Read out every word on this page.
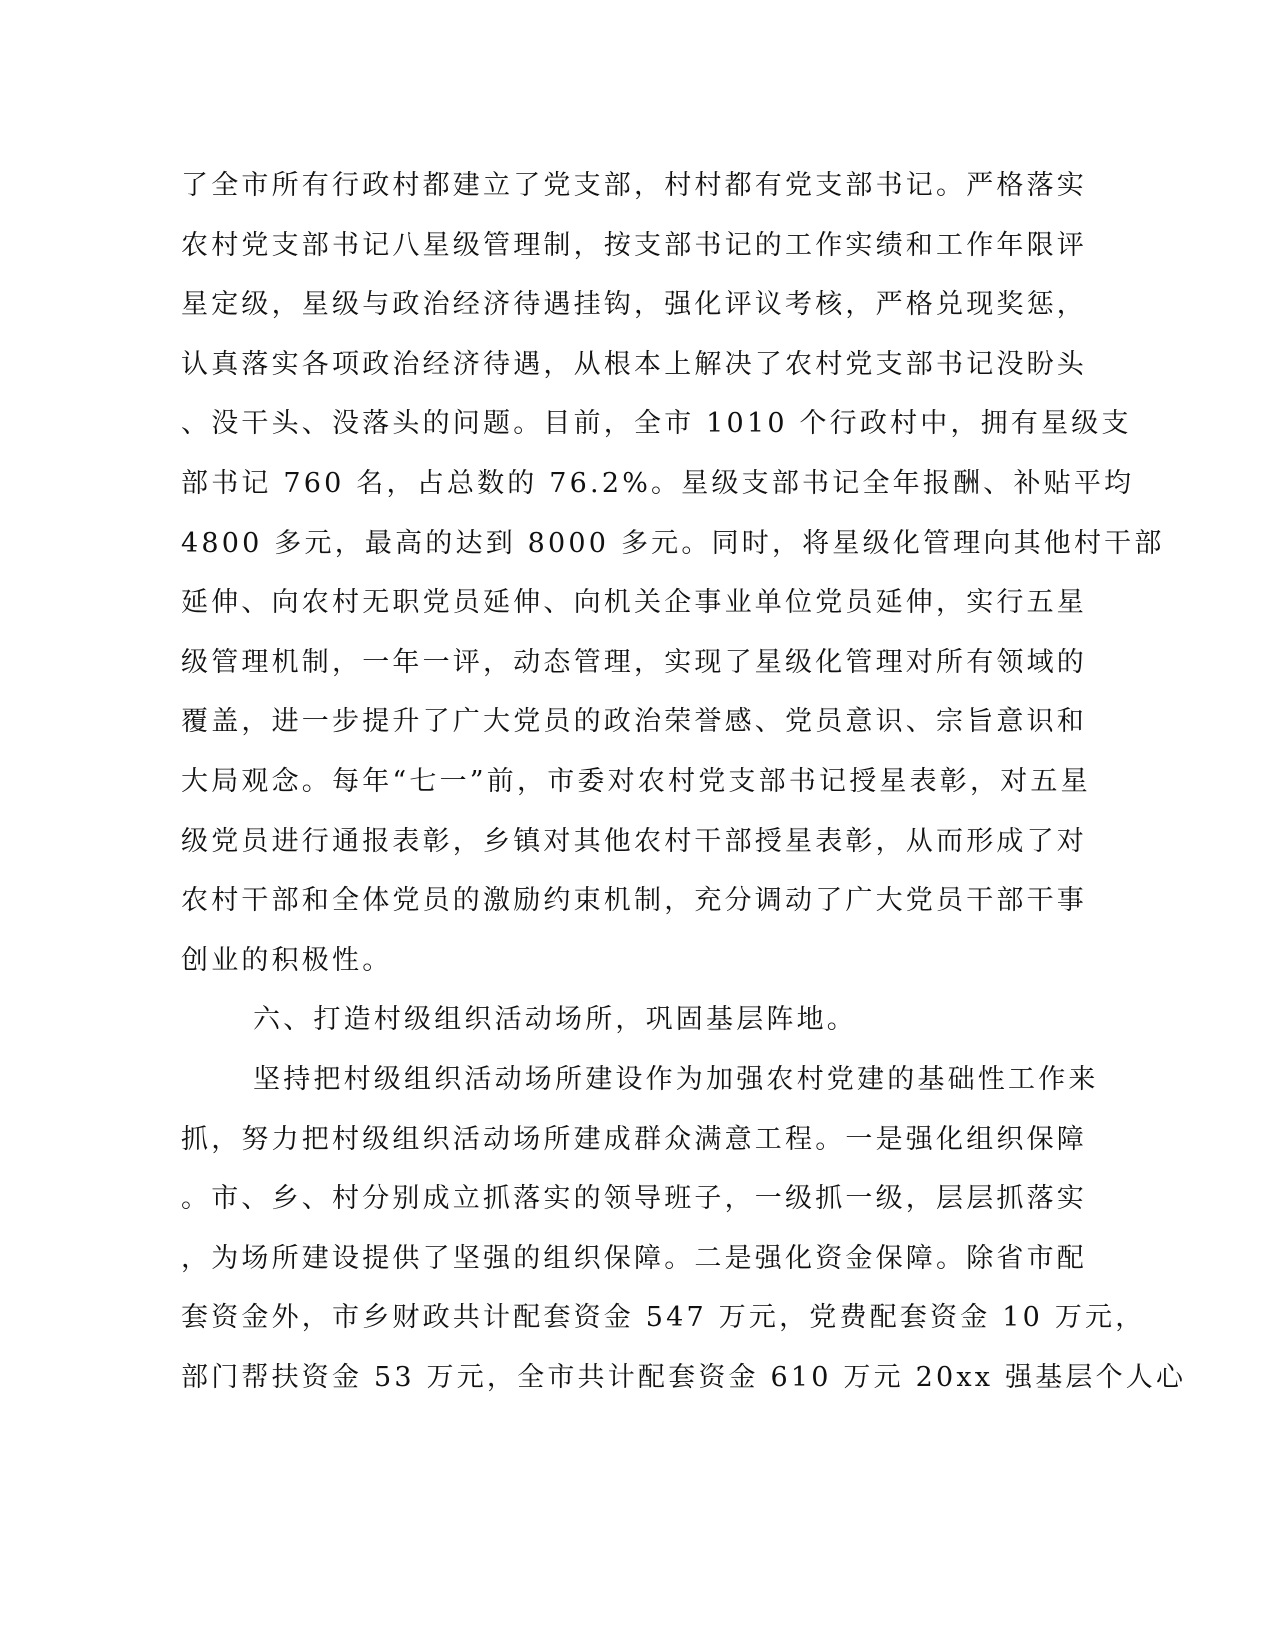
了全市所有行政村都建立了党支部，村村都有党支部书记。严格落实
农村党支部书记八星级管理制，按支部书记的工作实绩和工作年限评
星定级，星级与政治经济待遇挂钩，强化评议考核，严格兑现奖惩，
认真落实各项政治经济待遇，从根本上解决了农村党支部书记没盼头
、没干头、没落头的问题。目前，全市 1010 个行政村中，拥有星级支
部书记 760 名，占总数的 76.2%。星级支部书记全年报酬、补贴平均
4800 多元，最高的达到 8000 多元。同时，将星级化管理向其他村干部
延伸、向农村无职党员延伸、向机关企事业单位党员延伸，实行五星
级管理机制，一年一评，动态管理，实现了星级化管理对所有领域的
覆盖，进一步提升了广大党员的政治荣誉感、党员意识、宗旨意识和
大局观念。每年“七一”前，市委对农村党支部书记授星表彰，对五星
级党员进行通报表彰，乡镇对其他农村干部授星表彰，从而形成了对
农村干部和全体党员的激励约束机制，充分调动了广大党员干部干事
创业的积极性。
六、打造村级组织活动场所，巩固基层阵地。
坚持把村级组织活动场所建设作为加强农村党建的基础性工作来
抓，努力把村级组织活动场所建成群众满意工程。一是强化组织保障
。市、乡、村分别成立抓落实的领导班子，一级抓一级，层层抓落实
，为场所建设提供了坚强的组织保障。二是强化资金保障。除省市配
套资金外，市乡财政共计配套资金 547 万元，党费配套资金 10 万元，
部门帮扶资金 53 万元，全市共计配套资金 610 万元 20xx 强基层个人心
